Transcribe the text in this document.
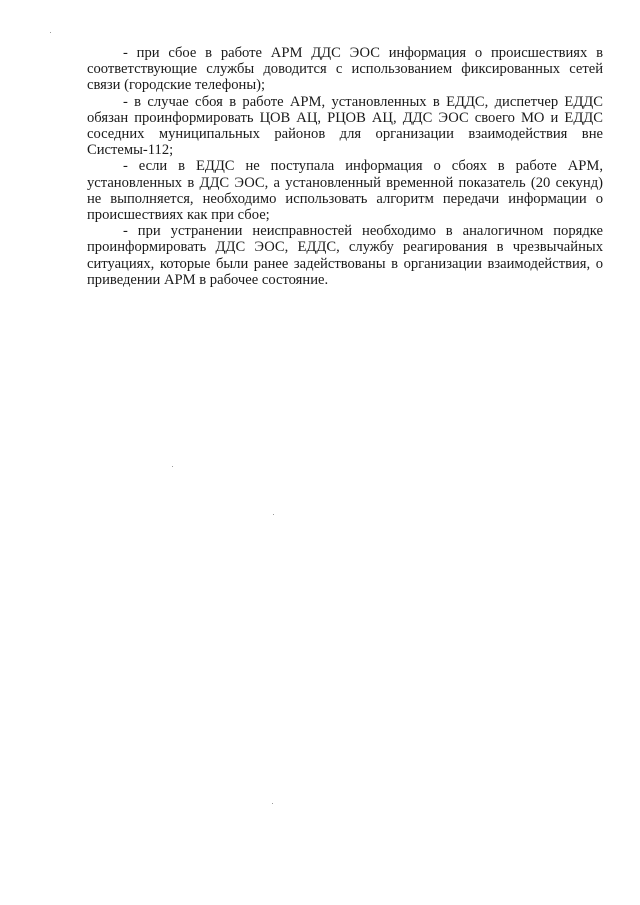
- при сбое в работе АРМ ДДС ЭОС информация о происшествиях в соответствующие службы доводится с использованием фиксированных сетей связи (городские телефоны);

- в случае сбоя в работе АРМ, установленных в ЕДДС, диспетчер ЕДДС обязан проинформировать ЦОВ АЦ, РЦОВ АЦ, ДДС ЭОС своего МО и ЕДДС соседних муниципальных районов для организации взаимодействия вне Системы-112;

- если в ЕДДС не поступала информация о сбоях в работе АРМ, установленных в ДДС ЭОС, а установленный временной показатель (20 секунд) не выполняется, необходимо использовать алгоритм передачи информации о происшествиях как при сбое;

- при устранении неисправностей необходимо в аналогичном порядке проинформировать ДДС ЭОС, ЕДДС, службу реагирования в чрезвычайных ситуациях, которые были ранее задействованы в организации взаимодействия, о приведении АРМ в рабочее состояние.
